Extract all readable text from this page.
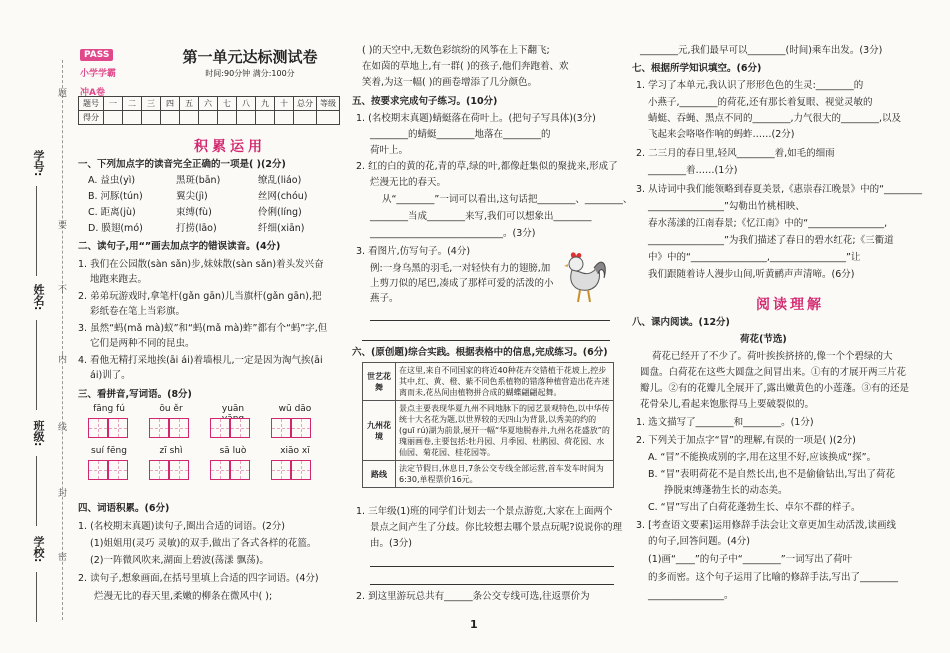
学号:
姓名:
班级:
学校:
题
要
不
内
线
封
密
PASS
小学学霸
冲A卷
第一单元达标测试卷
时间:90分钟 满分:100分
题号	一	二	三	四	五	六	七	八	九	十	总分	等级
得分												
积累运用
一、下列加点字的读音完全正确的一项是( )(2分)
A. 益虫(yì)	黑斑(bān)	缭乱(liáo)
B. 河豚(tún)	翼尖(jì)	丝网(chóu)
C. 距离(jù)	束缚(fù)	伶俐(líng)
D. 膜翅(mó)	打捞(lāo)	纤细(xiān)
二、读句子,用“”画去加点字的错误读音。(4分)
1. 我们在公园散(sàn sǎn)步,妹妹散(sàn sǎn)着头发兴奋
地跑来跑去。
2. 弟弟玩游戏时,拿笔杆(gǎn gān)儿当旗杆(gǎn gān),把
彩纸卷在笔上当彩旗。
3. 虽然“蚂(mǎ mà)蚁”和“蚂(mǎ mà)蚱”都有个“蚂”字,但
它们是两种不同的昆虫。
4. 看他无精打采地挨(āi ái)着墙根儿,一定是因为淘气挨(āi
ái)训了。
三、看拼音,写词语。(8分)
fāng fú	ōu ěr	yuān	wū dāo
suí fēng	zī shì	sā luò	xiāo xī
四、词语积累。(6分)
1. (名校期末真题)读句子,圈出合适的词语。(2分)
(1)姐姐用(灵巧 灵敏)的双手,做出了各式各样的花篮。
(2)一阵微风吹来,湖面上碧波(荡漾 飘荡)。
2. 读句子,想象画面,在括号里填上合适的四字词语。(4分)
烂漫无比的春天里,柔嫩的柳条在微风中( );
( )的天空中,无数色彩缤纷的风筝在上下翻飞;
在如茵的草地上,有一群( )的孩子,他们奔跑着、欢
笑着,为这一幅( )的画卷增添了几分颜色。
五、按要求完成句子练习。(10分)
1. (名校期末真题)蜻蜓落在荷叶上。(把句子写具体)(3分)
________的蜻蜓________地落在________的
荷叶上。
2. 红的白的黄的花,青的草,绿的叶,都像赶集似的聚拢来,形成了
烂漫无比的春天。
从“________”一词可以看出,这句话把________、________、
________当成________来写,我们可以想象出________
____________________________。(3分)
3. 看图片,仿写句子。(4分)
例:一身乌黑的羽毛,一对轻快有力的翅膀,加
上剪刀似的尾巴,凑成了那样可爱的活泼的小
燕子。
六、(原创题)综合实践。根据表格中的信息,完成练习。(6分)
世艺花舞	在这里,来自不同国家的将近40种花卉交错植于花坡上,控步其中,红、黄、橙、紫不同色系植物的错落种植营造出花卉迷离而未,花丛间由植物拼合成的蝴蝶翩翩起舞。
九州花境	景点主要表现华夏九州不同地脉下的园艺景观特色,以中华传统十大名花为题,以世界较的天四山为背景,以秀美的约的(guī rú)湖为前景,展开一幅“华夏地脱春并,九州名花盛放”的瑰丽画卷,主要包括:牡丹园、月季园、杜鹃园、荷花园、水仙园、菊花园、桂花园等。
路线	法定节假日,休息日,7条公交专线全部运营,首车发车时间为6:30,单程票价16元。
1. 三年级(1)班的同学们计划去一个景点游览,大家在上面两个
景点之间产生了分歧。你比较想去哪个景点玩呢?说说你的理
由。(3分)
2. 到这里游玩总共有______条公交专线可选,往返票价为
1
________元,我们最早可以________(时间)乘车出发。(3分)
七、根据所学知识填空。(6分)
1. 学习了本单元,我认识了形形色色的生灵:________的
小燕子,________的荷花,还有那长着复眼、视觉灵敏的
蜻蜓、吞蝇、黑点不同的________,力气很大的________,以及
飞起来会咯咯作响的蚂蚱……(2分)
2. 二三月的春日里,轻风________着,如毛的细雨
________着……(1分)
3. 从诗词中我们能领略到春夏美景,《惠崇春江晚景》中的“________
________________”勾勒出竹桃相映、
春水荡漾的江南春景;《忆江南》中的“________________,
________________”为我们描述了春日的碧水红花;《三衢道
中》中的“________________,________________”让
我们跟随着诗人漫步山间,听黄鹂声声清啼。(6分)
阅读理解
八、课内阅读。(12分)
荷花(节选)
荷花已经开了不少了。荷叶挨挨挤挤的,像一个个碧绿的大
圆盘。白荷花在这些大圆盘之间冒出来。①有的才展开两三片花
瓣儿。②有的花瓣儿全展开了,露出嫩黄色的小莲蓬。③有的还是
花骨朵儿,看起来饱胀得马上要破裂似的。
1. 选文描写了________和________。(1分)
2. 下列关于加点字“冒”的理解,有误的一项是( )(2分)
A. “冒”不能换成别的字,用在这里不好,应该换成“探”。
B. “冒”表明荷花不是自然长出,也不是偷偷钻出,写出了荷花
挣脱束缚蓬勃生长的动态美。
C. “冒”写出了白荷花蓬勃生长、卓尔不群的样子。
3. [考查语文要素]运用修辞手法会让文章更加生动活泼,读画线
的句子,回答问题。(4分)
(1)画“____”的句子中“________”一词写出了荷叶
的多而密。这个句子运用了比喻的修辞手法,写出了________
________________。
